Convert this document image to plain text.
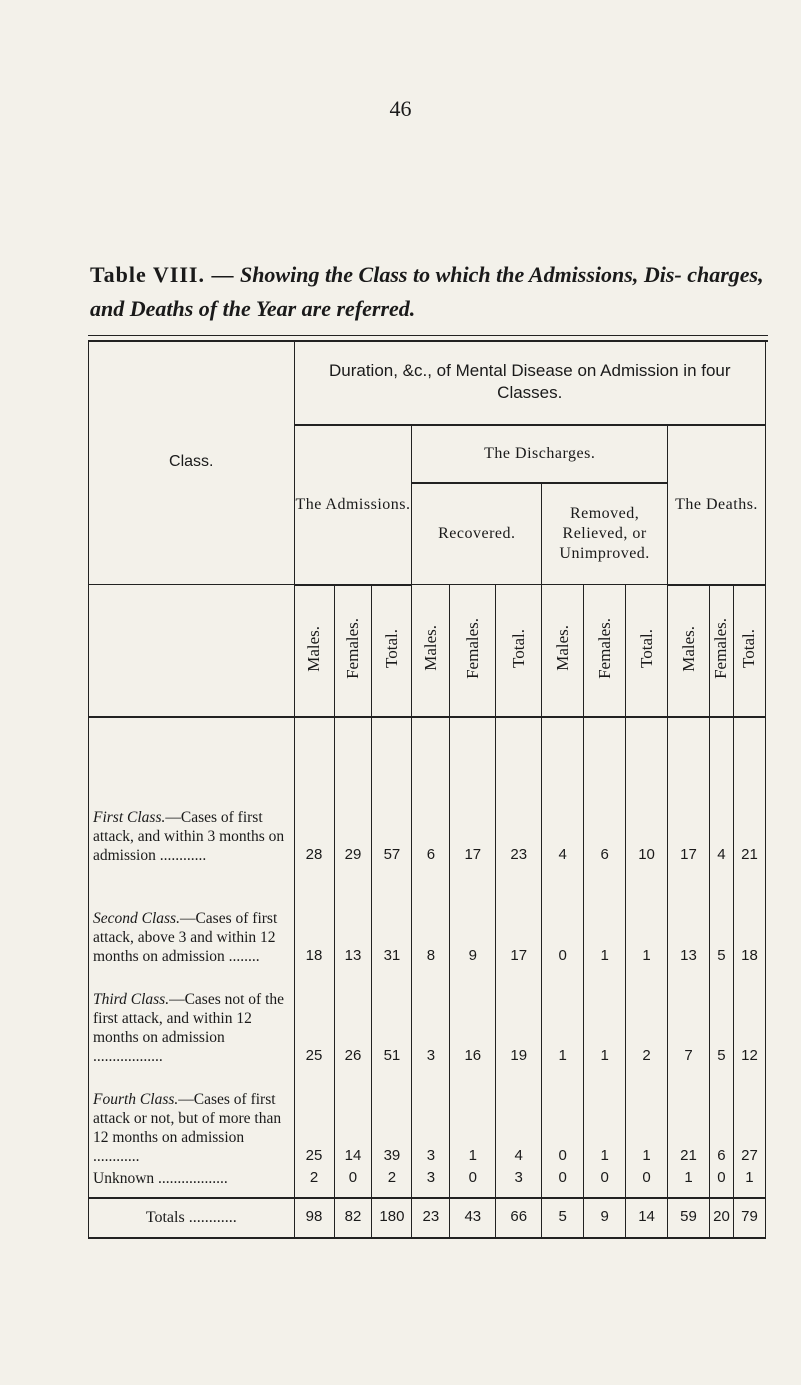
46
Table VIII. — Showing the Class to which the Admissions, Dis- charges, and Deaths of the Year are referred.
Class.	Duration, &c., of Mental Disease on Admission in four Classes.											
	The Admissions.			The Discharges.						The Deaths.		
				Recovered.			Removed, Relieved, or Unimproved.					
	Males.	Females.	Total.	Males.	Females.	Total.	Males.	Females.	Total.	Males.	Females.	Total.
First Class.—Cases of first attack, and within 3 months on admission ............	28	29	57	6	17	23	4	6	10	17	4	21
Second Class.—Cases of first attack, above 3 and within 12 months on admission ........	18	13	31	8	9	17	0	1	1	13	5	18
Third Class.—Cases not of the first attack, and within 12 months on admission ..................	25	26	51	3	16	19	1	1	2	7	5	12
Fourth Class.—Cases of first attack or not, but of more than 12 months on admission ............	25	14	39	3	1	4	0	1	1	21	6	27
Unknown ..................	2	0	2	3	0	3	0	0	0	1	0	1

Totals ............	98	82	180	23	43	66	5	9	14	59	20	79
